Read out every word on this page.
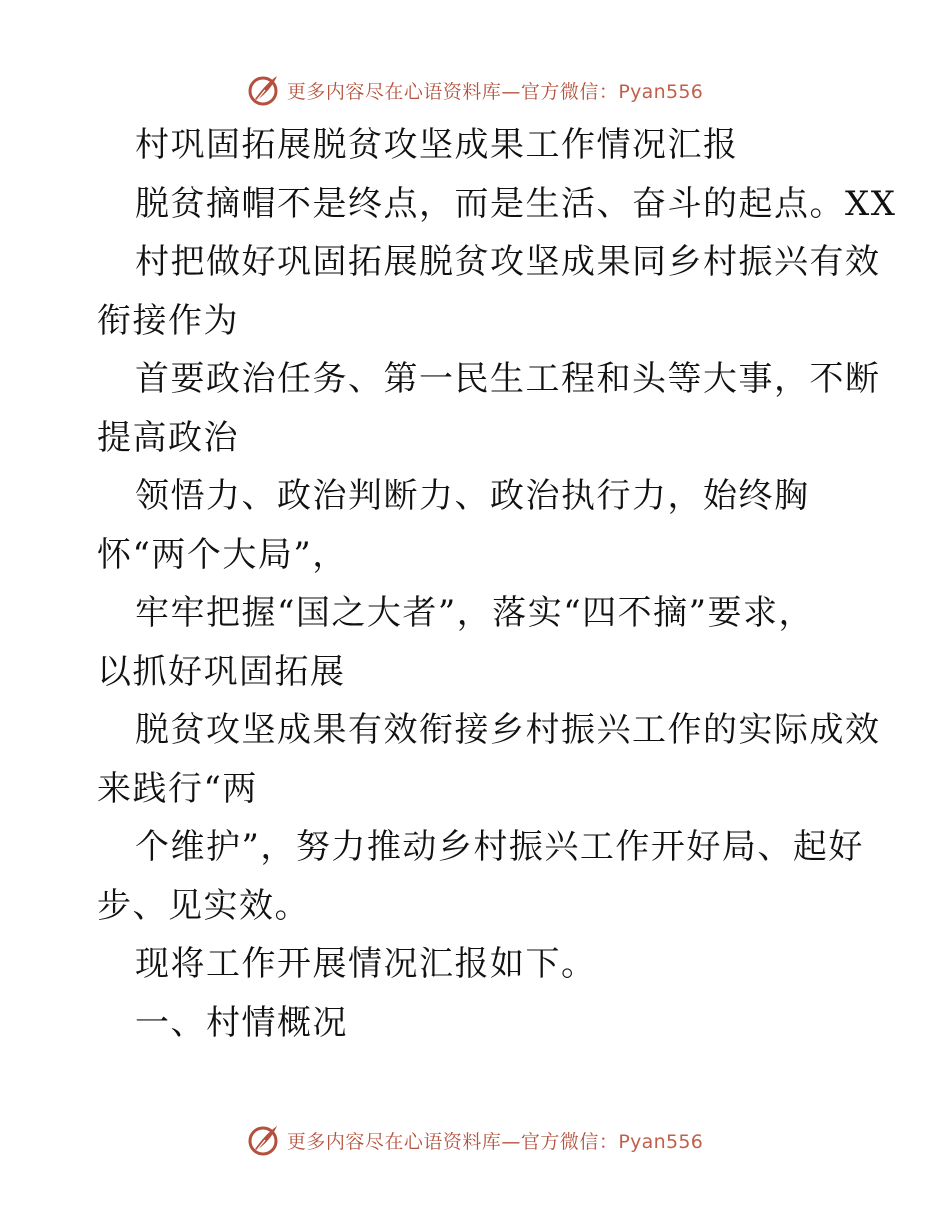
更多内容尽在心语资料库—官方微信：Pyan556
村巩固拓展脱贫攻坚成果工作情况汇报
脱贫摘帽不是终点，而是生活、奋斗的起点。XX
村把做好巩固拓展脱贫攻坚成果同乡村振兴有效
衔接作为
首要政治任务、第一民生工程和头等大事，不断
提高政治
领悟力、政治判断力、政治执行力，始终胸
怀“两个大局”，
牢牢把握“国之大者”，落实“四不摘”要求，
以抓好巩固拓展
脱贫攻坚成果有效衔接乡村振兴工作的实际成效
来践行“两
个维护”，努力推动乡村振兴工作开好局、起好
步、见实效。
现将工作开展情况汇报如下。
一、村情概况
更多内容尽在心语资料库—官方微信：Pyan556
